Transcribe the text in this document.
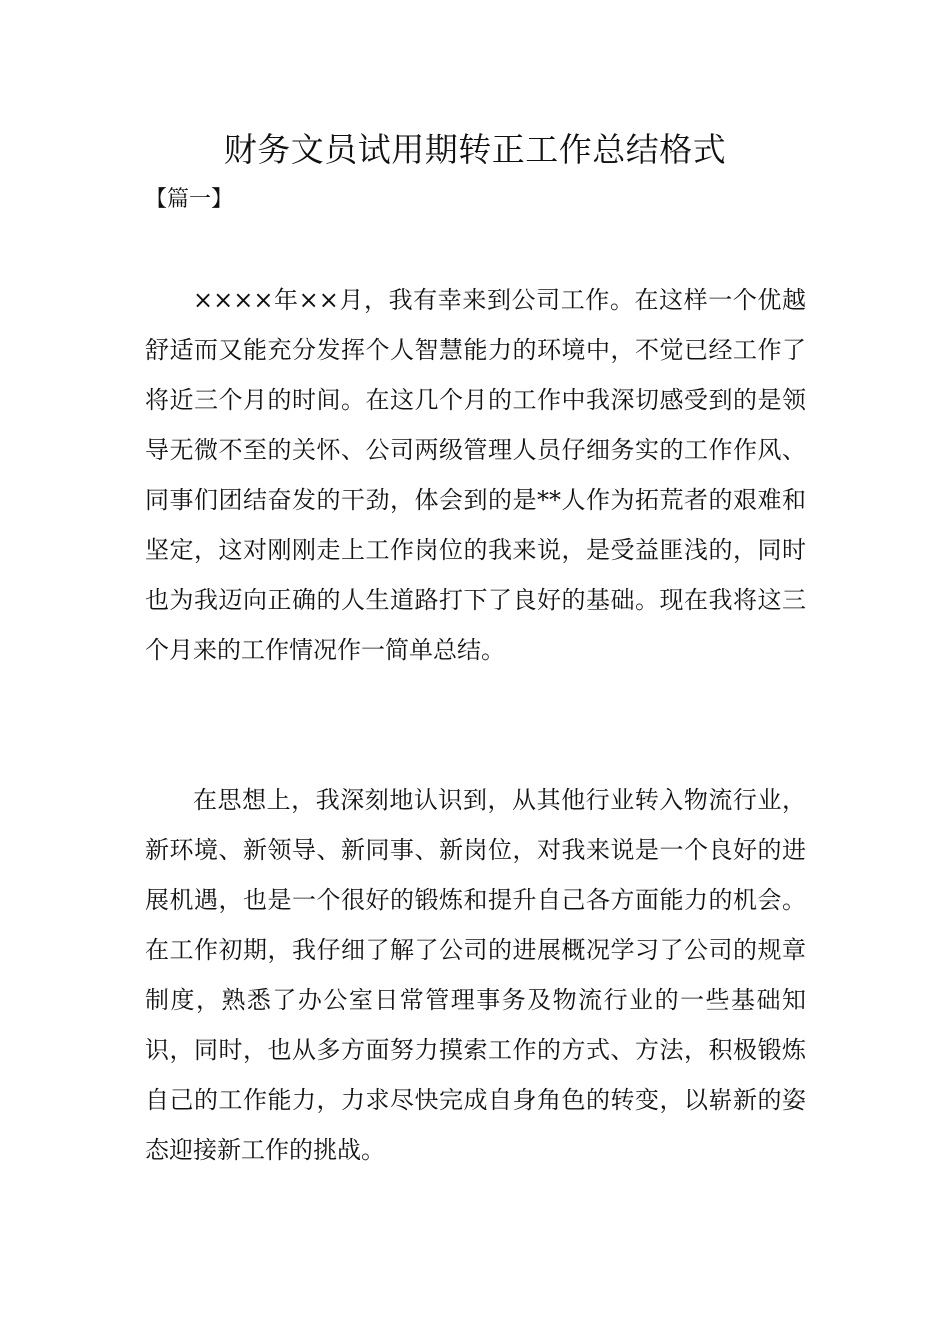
财务文员试用期转正工作总结格式

【篇一】

××××年××月，我有幸来到公司工作。在这样一个优越舒适而又能充分发挥个人智慧能力的环境中，不觉已经工作了将近三个月的时间。在这几个月的工作中我深切感受到的是领导无微不至的关怀、公司两级管理人员仔细务实的工作作风、同事们团结奋发的干劲，体会到的是**人作为拓荒者的艰难和坚定，这对刚刚走上工作岗位的我来说，是受益匪浅的，同时也为我迈向正确的人生道路打下了良好的基础。现在我将这三个月来的工作情况作一简单总结。

在思想上，我深刻地认识到，从其他行业转入物流行业，新环境、新领导、新同事、新岗位，对我来说是一个良好的进展机遇，也是一个很好的锻炼和提升自己各方面能力的机会。在工作初期，我仔细了解了公司的进展概况学习了公司的规章制度，熟悉了办公室日常管理事务及物流行业的一些基础知识，同时，也从多方面努力摸索工作的方式、方法，积极锻炼自己的工作能力，力求尽快完成自身角色的转变，以崭新的姿态迎接新工作的挑战。
